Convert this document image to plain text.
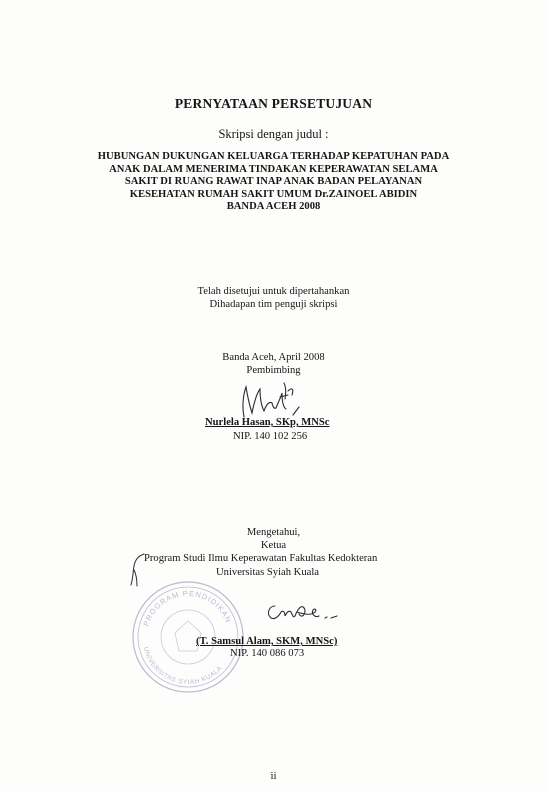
PERNYATAAN PERSETUJUAN
Skripsi dengan judul :
HUBUNGAN DUKUNGAN KELUARGA TERHADAP KEPATUHAN PADA
ANAK DALAM MENERIMA TINDAKAN KEPERAWATAN SELAMA
SAKIT DI RUANG RAWAT INAP ANAK BADAN PELAYANAN
KESEHATAN RUMAH SAKIT UMUM Dr.ZAINOEL ABIDIN
BANDA ACEH 2008
Telah disetujui untuk dipertahankan
Dihadapan tim penguji skripsi
Banda Aceh, April 2008
Pembimbing
Nurlela Hasan, SKp, MNSc
NIP. 140 102 256
Mengetahui,
Ketua
Program Studi Ilmu Keperawatan Fakultas Kedokteran
Universitas Syiah Kuala
PROGRAM PENDIDIKAN
UNIVERSITAS SYIAH KUALA
(T. Samsul Alam, SKM, MNSc)
NIP. 140 086 073
ii
